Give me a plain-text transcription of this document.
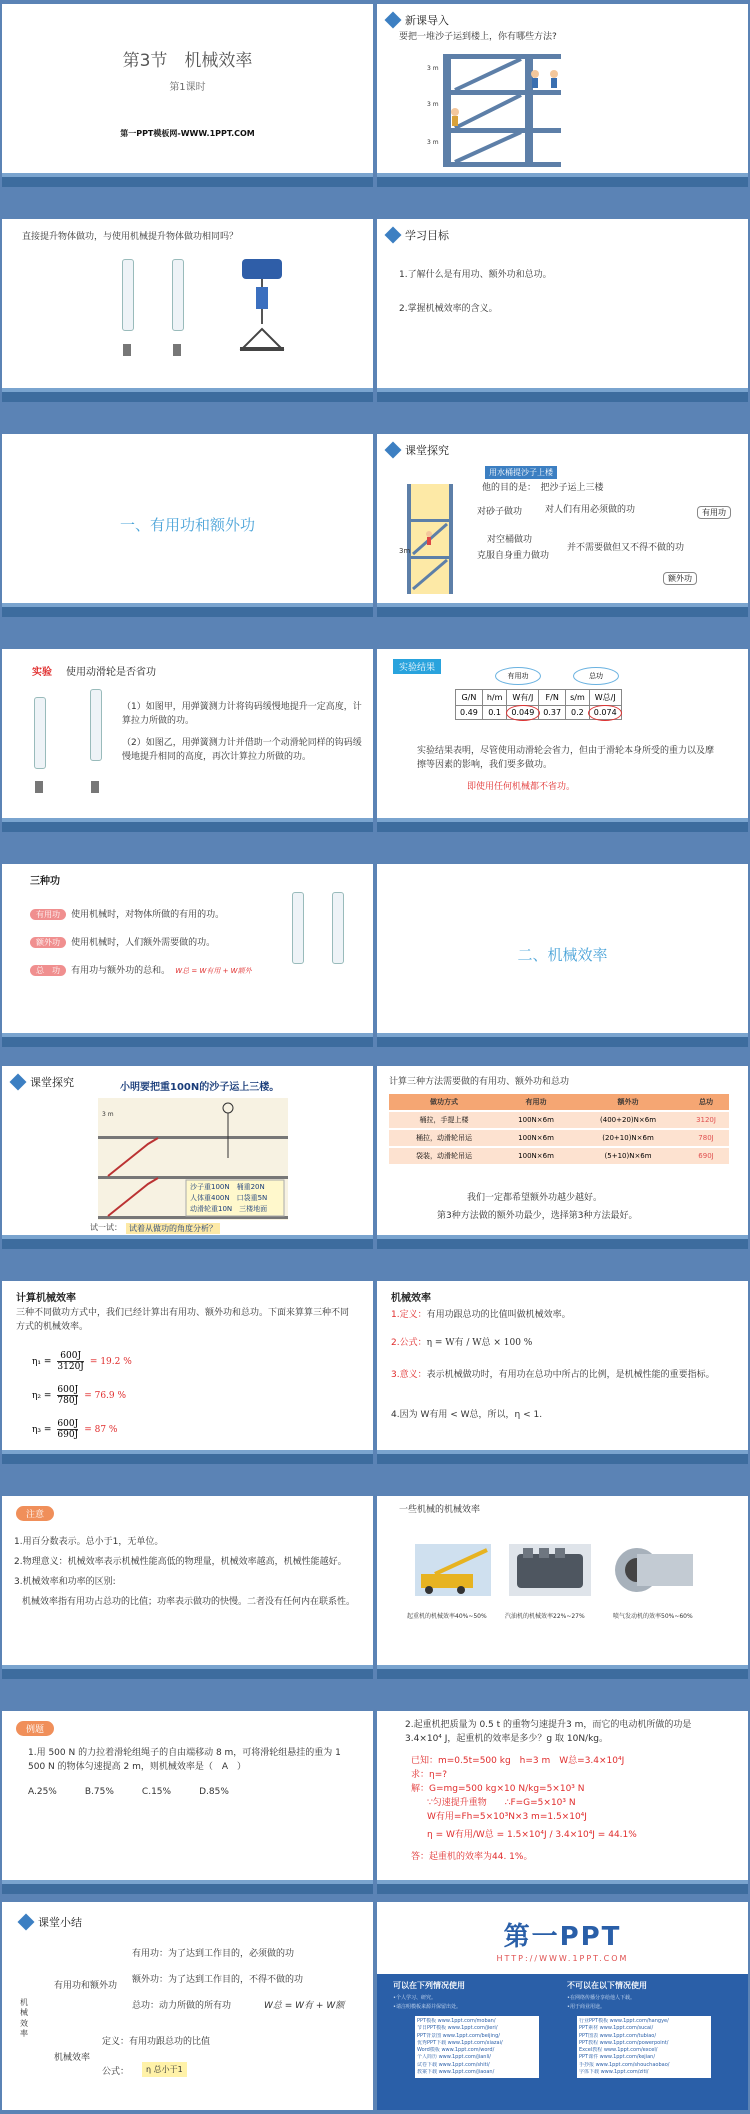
第3节　机械效率
第1课时
第一PPT模板网-WWW.1PPT.COM
新课导入
要把一堆沙子运到楼上，你有哪些方法?
3 m
3 m
3 m
直接提升物体做功，与使用机械提升物体做功相同吗？	学习目标
1.了解什么是有用功、额外功和总功。
2.掌握机械效率的含义。
一、有用功和额外功
课堂探究
用水桶提沙子上楼
3m
他的目的是：　把沙子运上三楼
对砂子做功	对人们有用必须做的功	有用功
对空桶做功
克服自身重力做功
并不需要做但又不得不做的功
额外功
实验 使用动滑轮是否省功
（1）如图甲，用弹簧测力计将钩码缓慢地提升一定高度，计算拉力所做的功。
（2）如图乙，用弹簧测力计并借助一个动滑轮同样的钩码缓慢地提升相同的高度，再次计算拉力所做的功。
实验结果
有用功	总功
G/N	h/m	W有/J	F/N	s/m	W总/J
0.49	0.1	0.049	0.37	0.2	0.074
实验结果表明，尽管使用动滑轮会省力，但由于滑轮本身所受的重力以及摩擦等因素的影响，我们要多做功。
即使用任何机械都不省功。
三种功
有用功 使用机械时，对物体所做的有用的功。
额外功 使用机械时，人们额外需要做的功。
总　功 有用功与额外功的总和。 W总 = W有用 + W额外
二、机械效率
课堂探究	小明要把重100N的沙子运上三楼。
3 m
沙子重100N　桶重20N
人体重400N　口袋重5N
动滑轮重10N　三楼地面
试一试： 试着从做功的角度分析？
计算三种方法需要做的有用功、额外功和总功
做功方式	有用功	额外功	总功
桶拉，手提上楼	100N×6m	(400+20)N×6m	3120J
桶拉，动滑轮吊运	100N×6m	(20+10)N×6m	780J
袋装，动滑轮吊运	100N×6m	(5+10)N×6m	690J
我们一定都希望额外功越少越好。
第3种方法做的额外功最少，选择第3种方法最好。
计算机械效率
三种不同做功方式中，我们已经计算出有用功、额外功和总功。下面来算算三种不同方式的机械效率。
$\eta_1 = \frac{600J}{3120J} = 19.2$ %
$\eta_2 = \frac{600J}{780J} = 76.9$ %
$\eta_3 = \frac{600J}{690J} = 87$ %
机械效率
1.定义：有用功跟总功的比值叫做机械效率。
2.公式：η = W有 / W总 × 100 %
3.意义：表示机械做功时，有用功在总功中所占的比例，是机械性能的重要指标。
4.因为 W有用 < W总，所以，η < 1.
注意
1.用百分数表示。总小于1，无单位。
2.物理意义：机械效率表示机械性能高低的物理量，机械效率越高，机械性能越好。
3.机械效率和功率的区别:
机械效率指有用功占总功的比值；功率表示做功的快慢。二者没有任何内在联系性。
一些机械的机械效率
起重机的机械效率40%~50%	汽油机的机械效率22%~27%	喷气发动机的效率50%~60%
例题
1.用 500 N 的力拉着滑轮组绳子的自由端移动 8 m，可将滑轮组悬挂的重为 1 500 N 的物体匀速提高 2 m，则机械效率是（　A　）
A.25%	B.75%	C.15%	D.85%
2.起重机把质量为 0.5 t 的重物匀速提升3 m，而它的电动机所做的功是 3.4×10⁴ J，起重机的效率是多少？g 取 10N/kg。
已知：m=0.5t=500 kg　h=3 m　W总=3.4×10⁴J
求：η=?
解：G=mg=500 kg×10 N/kg=5×10³ N
∵匀速提升重物　　∴F=G=5×10³ N
W有用=Fh=5×10³N×3 m=1.5×10⁴J
η = W有用/W总 = 1.5×10⁴J / 3.4×10⁴J = 44.1%
答：起重机的效率为44. 1%。
课堂小结
机械效率
有用功和额外功
有用功：为了达到工作目的，必须做的功
额外功：为了达到工作目的，不得不做的功
总功：动力所做的所有功	W总 = W有 + W额
机械效率
定义：有用功跟总功的比值
公式：	η 总小于1
第一PPT
HTTP://WWW.1PPT.COM
可以在下列情况使用	不可以在以下情况使用
•个人学习、研究。
•请注明模板来源并保留出处。
•在网络传播分享给他人下载。
•用于商业用途。
PPT模板 www.1ppt.com/moban/
节日PPT模板 www.1ppt.com/jieri/
PPT背景图 www.1ppt.com/beijing/
优秀PPT下载 www.1ppt.com/xiazai/
Word模板 www.1ppt.com/word/
个人简历 www.1ppt.com/jianli/
试卷下载 www.1ppt.com/shiti/
教案下载 www.1ppt.com/jiaoan/
行业PPT模板 www.1ppt.com/hangye/
PPT素材 www.1ppt.com/sucai/
PPT图表 www.1ppt.com/tubiao/
PPT教程 www.1ppt.com/powerpoint/
Excel教程 www.1ppt.com/excel/
PPT课件 www.1ppt.com/kejian/
手抄报 www.1ppt.com/shouchaobao/
字体下载 www.1ppt.com/ziti/
